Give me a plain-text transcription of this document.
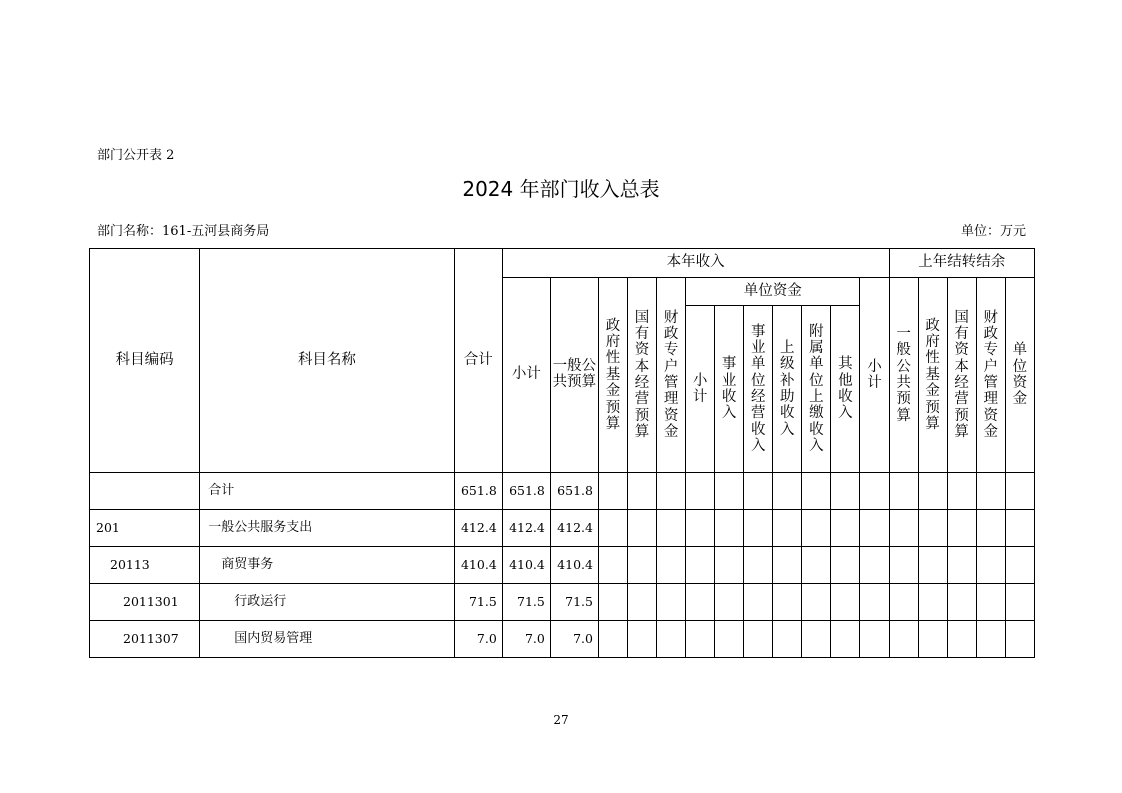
部门公开表 2
2024 年部门收入总表
部门名称：161-五河县商务局	单位：万元
科目编码	科目名称	合计	本年收入												上年结转结余				
			小计	一般公共预算	政府性基金预算	国有资本经营预算	财政专户管理资金	单位资金						小计	一般公共预算	政府性基金预算	国有资本经营预算	财政专户管理资金	单位资金
								小计	事业收入	事业单位经营收入	上级补助收入	附属单位上缴收入	其他收入						
	合计	651.8	651.8	651.8															
201	一般公共服务支出	412.4	412.4	412.4															
20113	商贸事务	410.4	410.4	410.4															
2011301	行政运行	71.5	71.5	71.5															
2011307	国内贸易管理	7.0	7.0	7.0															
27
